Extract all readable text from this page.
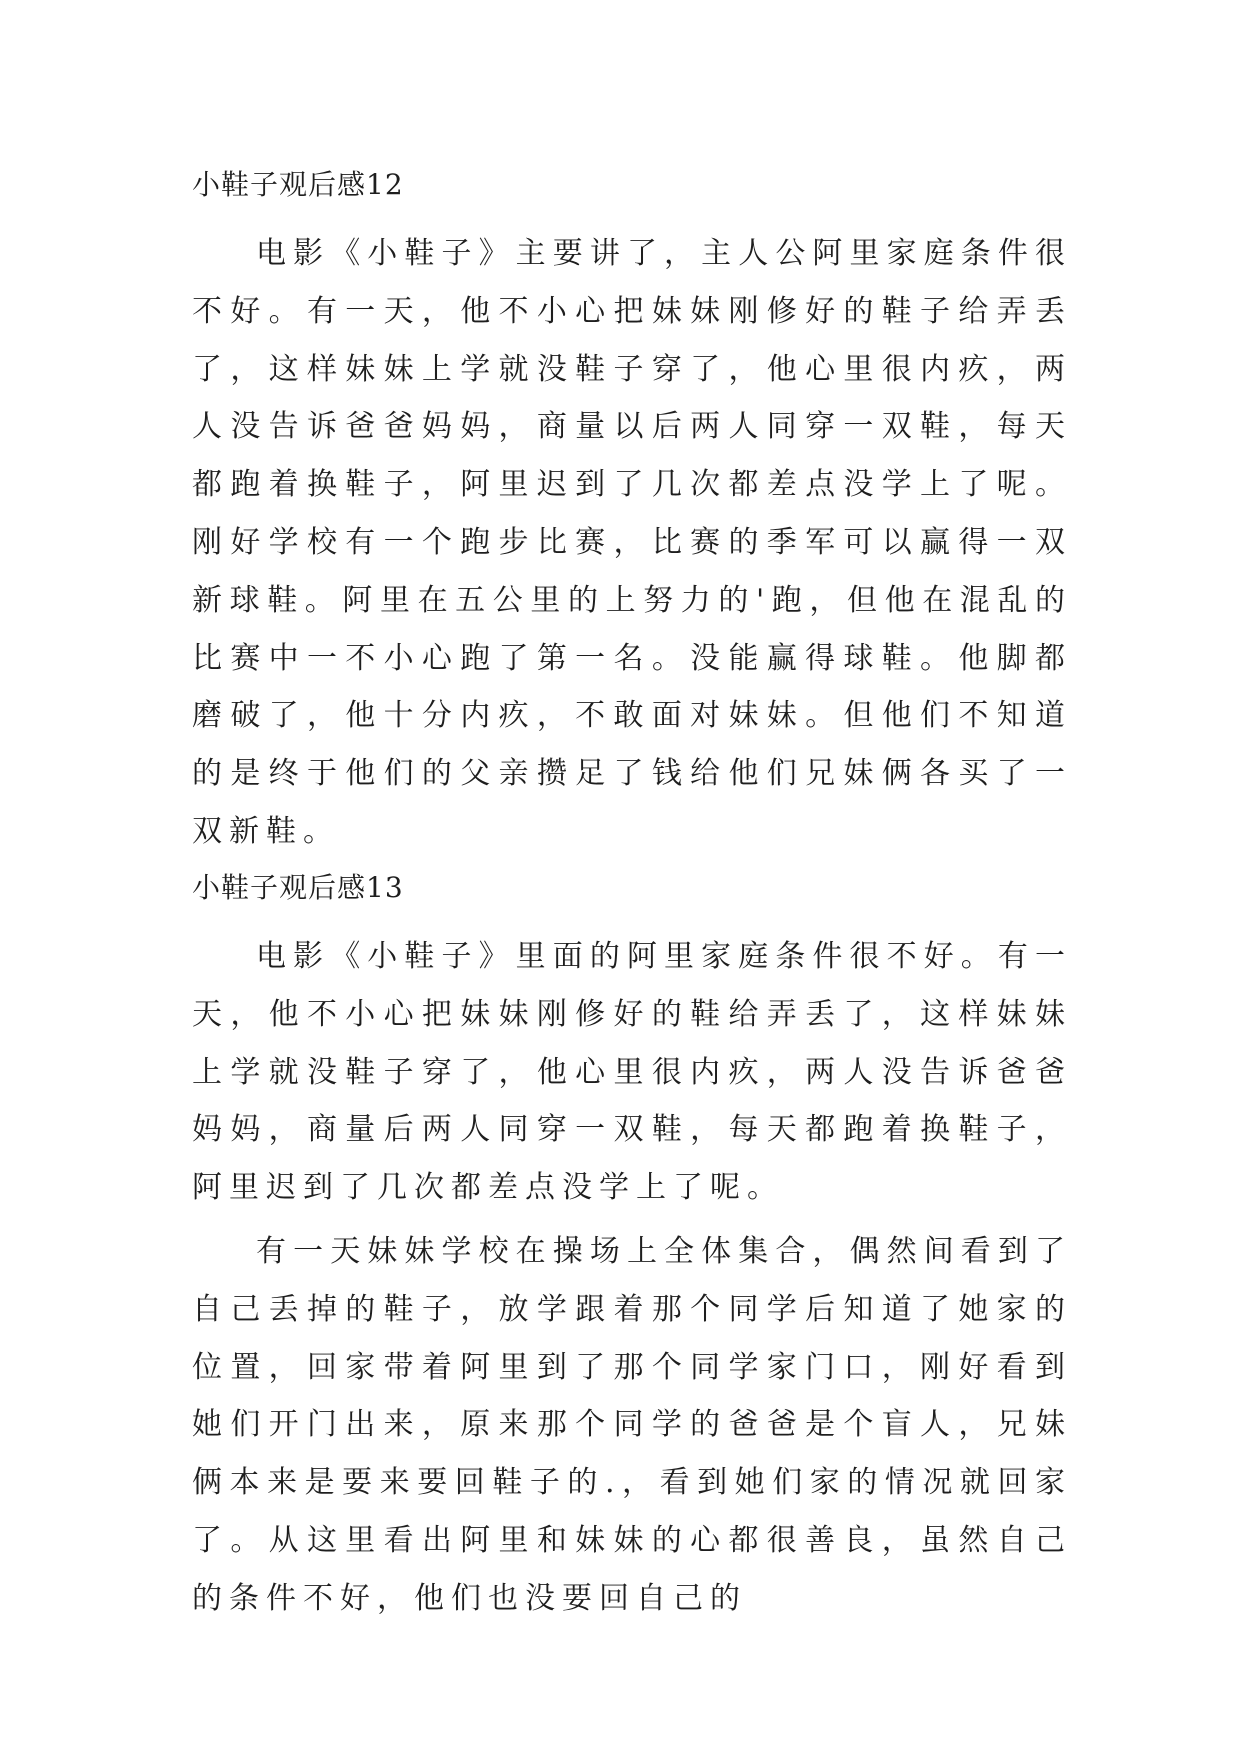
小鞋子观后感12

电影《小鞋子》主要讲了，主人公阿里家庭条件很不好。有一天，他不小心把妹妹刚修好的鞋子给弄丢了，这样妹妹上学就没鞋子穿了，他心里很内疚，两人没告诉爸爸妈妈，商量以后两人同穿一双鞋，每天都跑着换鞋子，阿里迟到了几次都差点没学上了呢。刚好学校有一个跑步比赛，比赛的季军可以赢得一双新球鞋。阿里在五公里的上努力的'跑，但他在混乱的比赛中一不小心跑了第一名。没能赢得球鞋。他脚都磨破了，他十分内疚，不敢面对妹妹。但他们不知道的是终于他们的父亲攒足了钱给他们兄妹俩各买了一双新鞋。

小鞋子观后感13

电影《小鞋子》里面的阿里家庭条件很不好。有一天，他不小心把妹妹刚修好的鞋给弄丢了，这样妹妹上学就没鞋子穿了，他心里很内疚，两人没告诉爸爸妈妈，商量后两人同穿一双鞋，每天都跑着换鞋子，阿里迟到了几次都差点没学上了呢。

有一天妹妹学校在操场上全体集合，偶然间看到了自己丢掉的鞋子，放学跟着那个同学后知道了她家的位置，回家带着阿里到了那个同学家门口，刚好看到她们开门出来，原来那个同学的爸爸是个盲人，兄妹俩本来是要来要回鞋子的.，看到她们家的情况就回家了。从这里看出阿里和妹妹的心都很善良，虽然自己的条件不好，他们也没要回自己的
